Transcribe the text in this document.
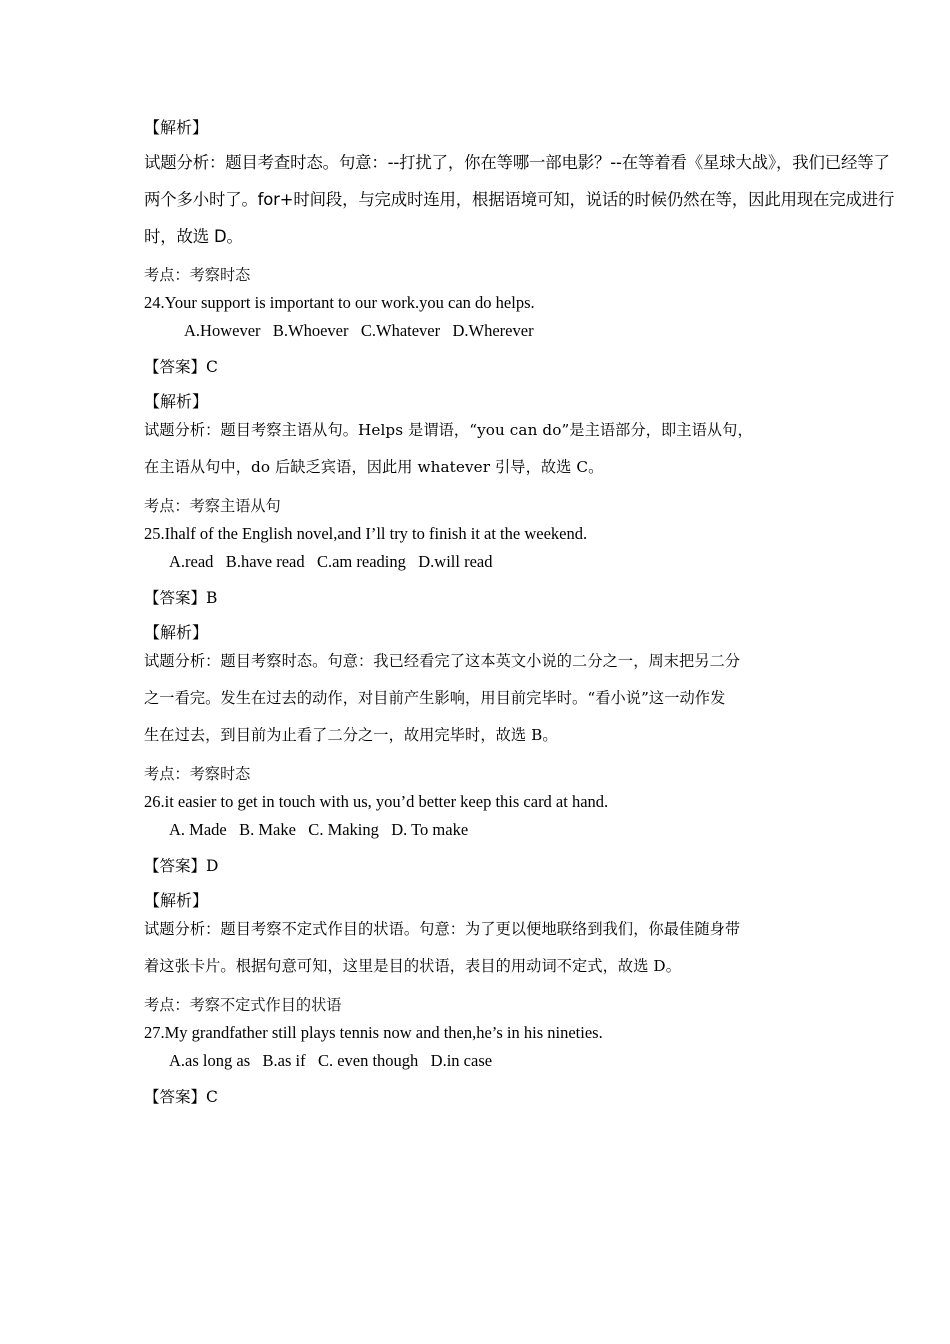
【解析】
试题分析：题目考查时态。句意：--打扰了，你在等哪一部电影？--在等着看《星球大战》，我们已经等了
两个多小时了。for+时间段，与完成时连用，根据语境可知，说话的时候仍然在等，因此用现在完成进行
时，故选 D。
考点：考察时态
24.Your support is important to our work.you can do helps.
A.However   B.Whoever   C.Whatever   D.Wherever
【答案】C
【解析】
试题分析：题目考察主语从句。Helps 是谓语，“you can do”是主语部分，即主语从句，
在主语从句中，do 后缺乏宾语，因此用 whatever 引导，故选 C。
考点：考察主语从句
25.Ihalf of the English novel,and I’ll try to finish it at the weekend.
A.read   B.have read   C.am reading   D.will read
【答案】B
【解析】
试题分析：题目考察时态。句意：我已经看完了这本英文小说的二分之一，周末把另二分
之一看完。发生在过去的动作，对目前产生影响，用目前完毕时。“看小说”这一动作发
生在过去，到目前为止看了二分之一，故用完毕时，故选 B。
考点：考察时态
26.it easier to get in touch with us, you’d better keep this card at hand.
A. Made   B. Make   C. Making   D. To make
【答案】D
【解析】
试题分析：题目考察不定式作目的状语。句意：为了更以便地联络到我们，你最佳随身带
着这张卡片。根据句意可知，这里是目的状语，表目的用动词不定式，故选 D。
考点：考察不定式作目的状语
27.My grandfather still plays tennis now and then,he’s in his nineties.
A.as long as   B.as if   C. even though   D.in case
【答案】C
